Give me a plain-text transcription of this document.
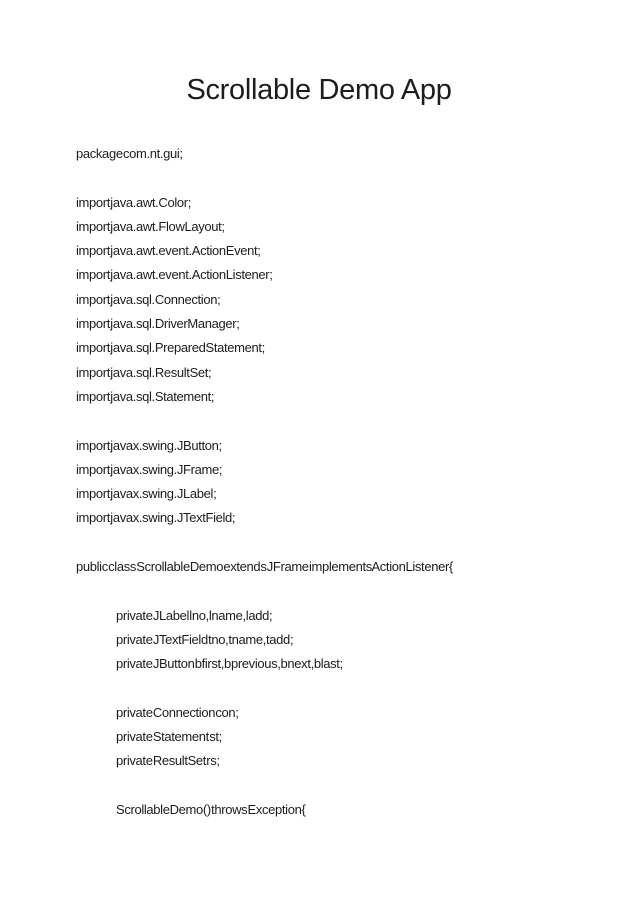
Scrollable Demo App
package com.nt.gui;
import java.awt.Color;
import java.awt.FlowLayout;
import java.awt.event.ActionEvent;
import java.awt.event.ActionListener;
import java.sql.Connection;
import java.sql.DriverManager;
import java.sql.PreparedStatement;
import java.sql.ResultSet;
import java.sql.Statement;
import javax.swing.JButton;
import javax.swing.JFrame;
import javax.swing.JLabel;
import javax.swing.JTextField;
public class ScrollableDemo extends JFrame implements ActionListener{
private JLabel lno,lname,ladd;
private JTextField tno,tname,tadd;
private JButton bfirst,bprevious,bnext,blast;
private Connection con;
private Statement st;
private ResultSet rs;
ScrollableDemo() throws Exception{
